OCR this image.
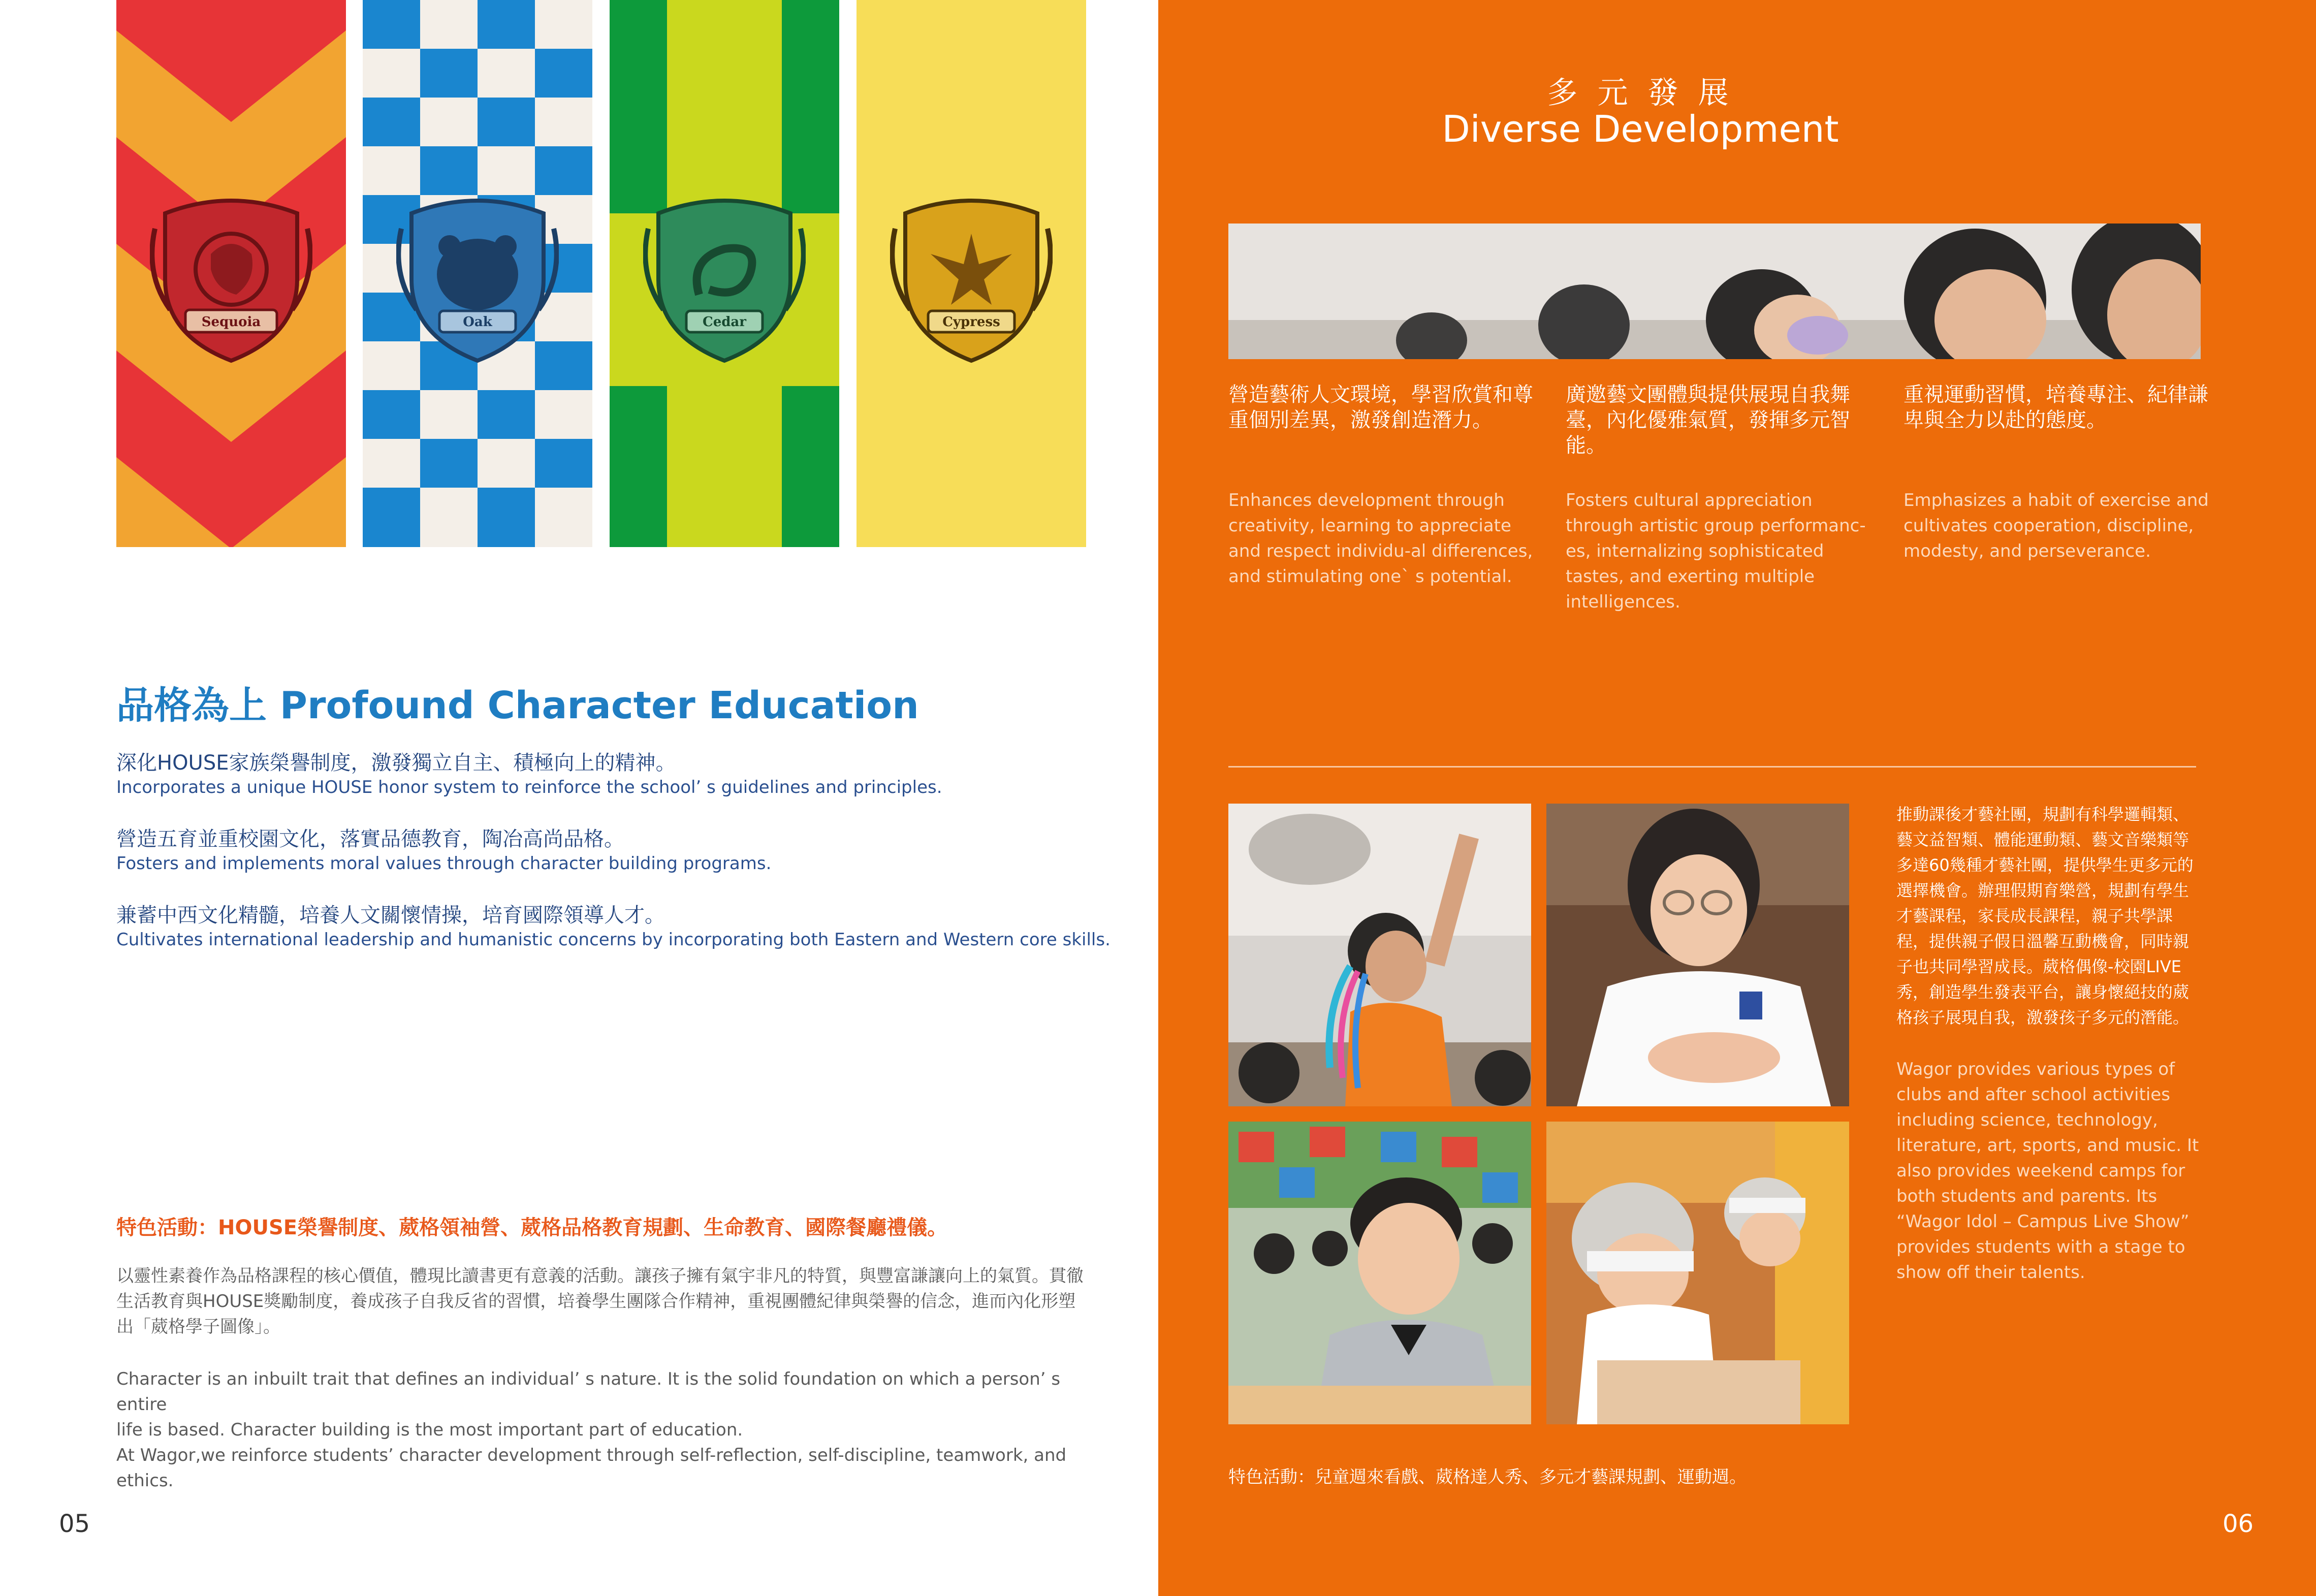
Sequoia	Oak	Cedar	Cypress
品格為上 Profound Character Education
深化HOUSE家族榮譽制度，激發獨立自主、積極向上的精神。
Incorporates a unique HOUSE honor system to reinforce the school’ s guidelines and principles.
營造五育並重校園文化，落實品德教育，陶冶高尚品格。
Fosters and implements moral values through character building programs.
兼蓄中西文化精髓，培養人文關懷情操，培育國際領導人才。
Cultivates international leadership and humanistic concerns by incorporating both Eastern and Western core skills.
特色活動：HOUSE榮譽制度、葳格領袖營、葳格品格教育規劃、生命教育、國際餐廳禮儀。
以靈性素養作為品格課程的核心價值，體現比讀書更有意義的活動。讓孩子擁有氣宇非凡的特質，與豐富謙讓向上的氣質。貫徹生活教育與HOUSE獎勵制度，養成孩子自我反省的習慣，培養學生團隊合作精神，重視團體紀律與榮譽的信念，進而內化形塑出「葳格學子圖像」。
Character is an inbuilt trait that defines an individual’ s nature. It is the solid foundation on which a person’ s entire
life is based. Character building is the most important part of education.
At Wagor,we reinforce students’ character development through self-reflection, self-discipline, teamwork, and ethics.
05
多 元 發 展
Diverse Development
營造藝術人文環境，學習欣賞和尊重個別差異，激發創造潛力。
Enhances development through creativity, learning to appreciate and respect individu-al differences, and stimulating one` s potential.
廣邀藝文團體與提供展現自我舞臺，內化優雅氣質，發揮多元智能。
Fosters cultural appreciation through artistic group performanc-es, internalizing sophisticated tastes, and exerting multiple intelligences.
重視運動習慣，培養專注、紀律謙卑與全力以赴的態度。
Emphasizes a habit of exercise and cultivates cooperation, discipline, modesty, and perseverance.
推動課後才藝社團，規劃有科學邏輯類、藝文益智類、體能運動類、藝文音樂類等多達60幾種才藝社團，提供學生更多元的選擇機會。辦理假期育樂營，規劃有學生才藝課程，家長成長課程，親子共學課程，提供親子假日溫馨互動機會，同時親子也共同學習成長。葳格偶像-校園LIVE秀，創造學生發表平台，讓身懷絕技的葳格孩子展現自我，激發孩子多元的潛能。
Wagor provides various types of clubs and after school activities including science, technology, literature, art, sports, and music. It also provides weekend camps for both students and parents. Its “Wagor Idol – Campus Live Show” provides students with a stage to show off their talents.
特色活動：兒童週來看戲、葳格達人秀、多元才藝課規劃、運動週。
06
